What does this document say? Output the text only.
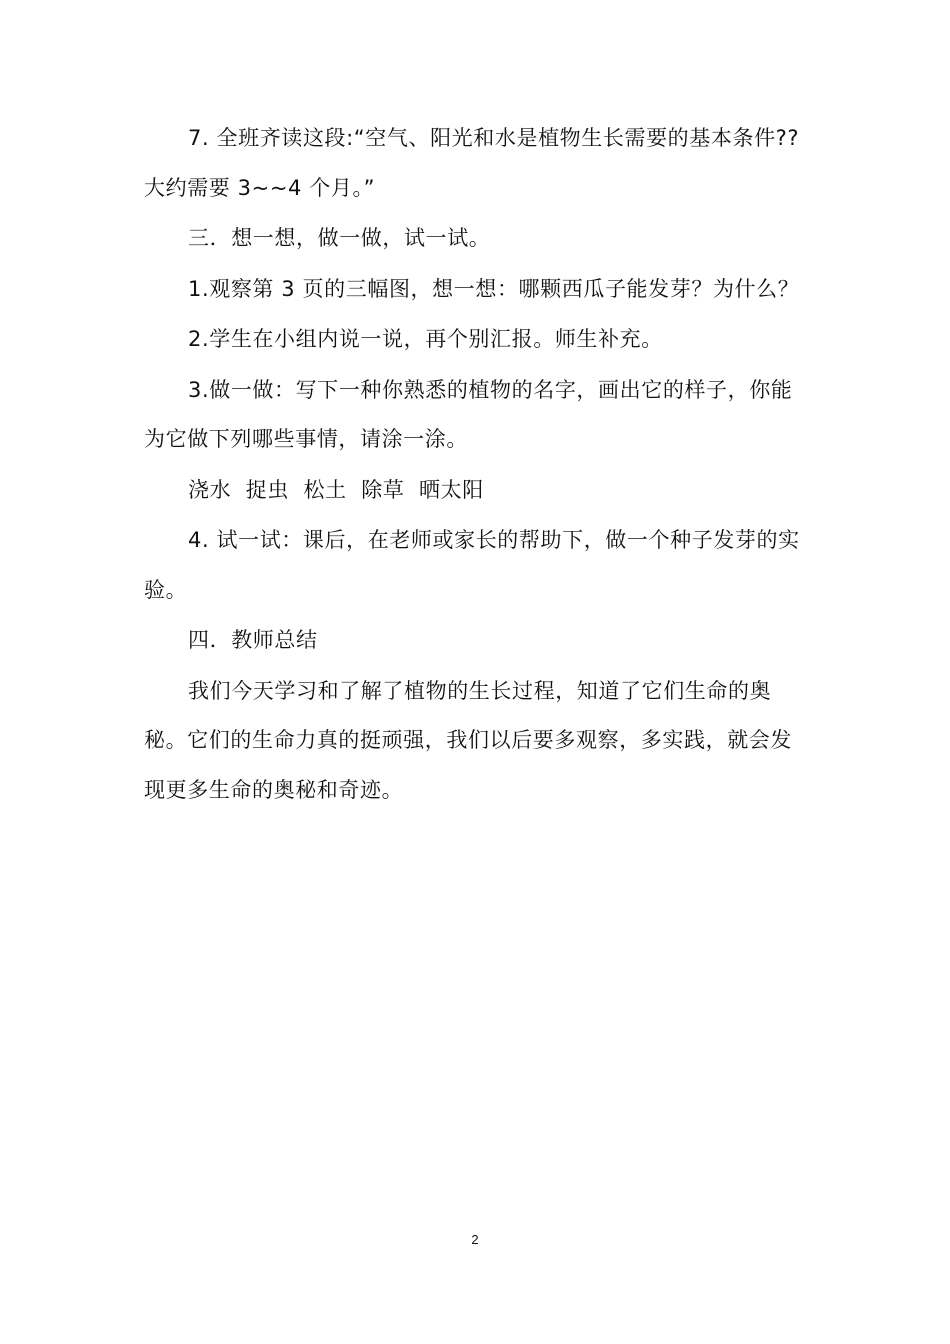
7. 全班齐读这段:“空气、阳光和水是植物生长需要的基本条件??大约需要 3~~4 个月。”

三．想一想，做一做，试一试。

1.观察第 3 页的三幅图，想一想：哪颗西瓜子能发芽？为什么？

2.学生在小组内说一说，再个别汇报。师生补充。

3.做一做：写下一种你熟悉的植物的名字，画出它的样子，你能为它做下列哪些事情，请涂一涂。

浇水  捉虫  松土  除草  晒太阳

4. 试一试：课后，在老师或家长的帮助下，做一个种子发芽的实验。

四．教师总结

我们今天学习和了解了植物的生长过程，知道了它们生命的奥秘。它们的生命力真的挺顽强，我们以后要多观察，多实践，就会发现更多生命的奥秘和奇迹。

2
